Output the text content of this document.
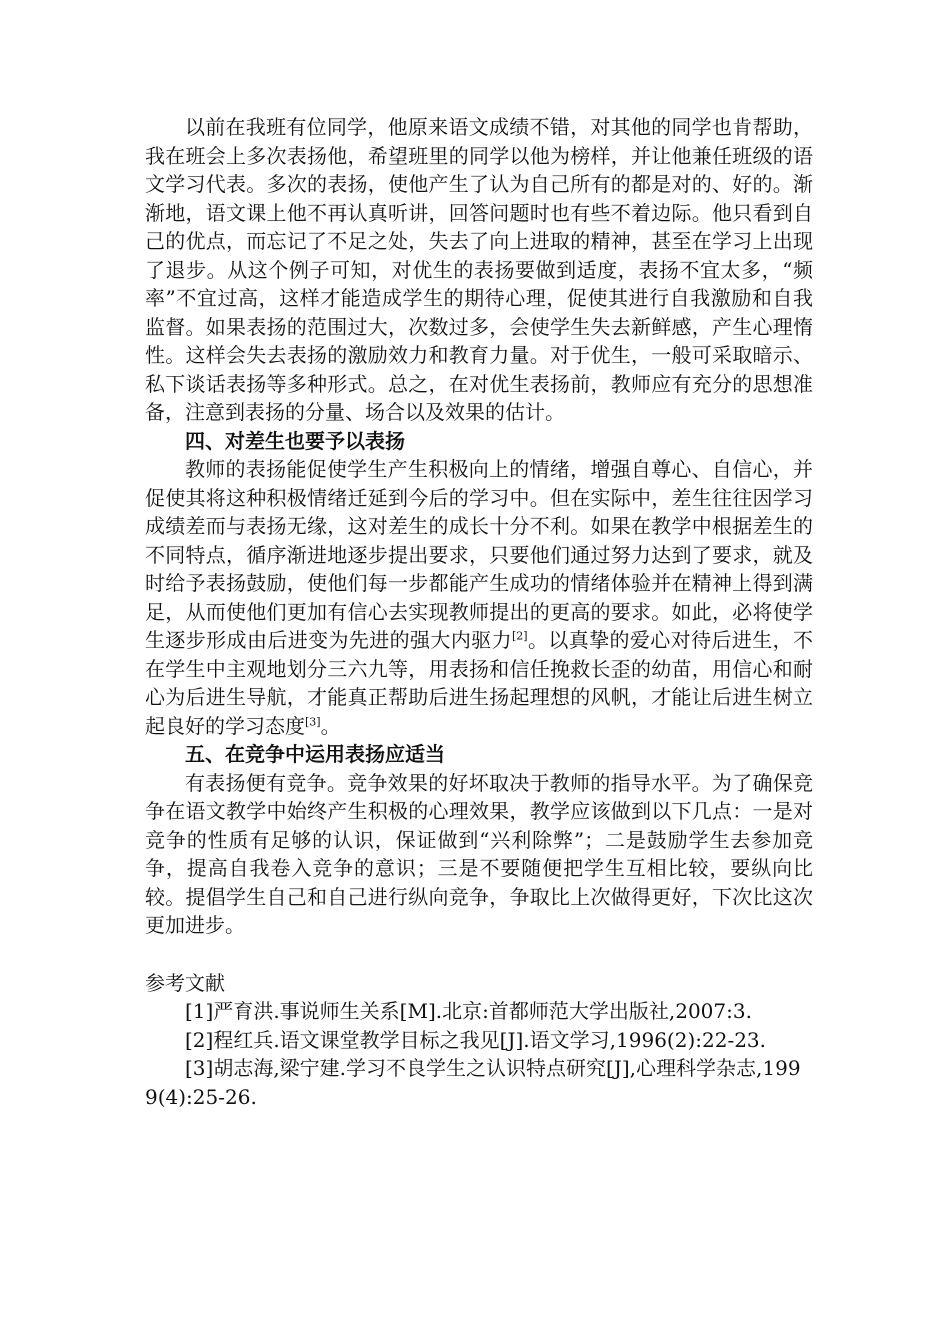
以前在我班有位同学，他原来语文成绩不错，对其他的同学也肯帮助，我在班会上多次表扬他，希望班里的同学以他为榜样，并让他兼任班级的语文学习代表。多次的表扬，使他产生了认为自己所有的都是对的、好的。渐渐地，语文课上他不再认真听讲，回答问题时也有些不着边际。他只看到自己的优点，而忘记了不足之处，失去了向上进取的精神，甚至在学习上出现了退步。从这个例子可知，对优生的表扬要做到适度，表扬不宜太多，“频率”不宜过高，这样才能造成学生的期待心理，促使其进行自我激励和自我监督。如果表扬的范围过大，次数过多，会使学生失去新鲜感，产生心理惰性。这样会失去表扬的激励效力和教育力量。对于优生，一般可采取暗示、私下谈话表扬等多种形式。总之，在对优生表扬前，教师应有充分的思想准备，注意到表扬的分量、场合以及效果的估计。

四、对差生也要予以表扬

教师的表扬能促使学生产生积极向上的情绪，增强自尊心、自信心，并促使其将这种积极情绪迁延到今后的学习中。但在实际中，差生往往因学习成绩差而与表扬无缘，这对差生的成长十分不利。如果在教学中根据差生的不同特点，循序渐进地逐步提出要求，只要他们通过努力达到了要求，就及时给予表扬鼓励，使他们每一步都能产生成功的情绪体验并在精神上得到满足，从而使他们更加有信心去实现教师提出的更高的要求。如此，必将使学生逐步形成由后进变为先进的强大内驱力[2]。以真挚的爱心对待后进生，不在学生中主观地划分三六九等，用表扬和信任挽救长歪的幼苗，用信心和耐心为后进生导航，才能真正帮助后进生扬起理想的风帆，才能让后进生树立起良好的学习态度[3]。

五、在竞争中运用表扬应适当

有表扬便有竞争。竞争效果的好坏取决于教师的指导水平。为了确保竞争在语文教学中始终产生积极的心理效果，教学应该做到以下几点：一是对竞争的性质有足够的认识，保证做到“兴利除弊”；二是鼓励学生去参加竞争，提高自我卷入竞争的意识；三是不要随便把学生互相比较，要纵向比较。提倡学生自己和自己进行纵向竞争，争取比上次做得更好，下次比这次更加进步。

参考文献

[1]严育洪.事说师生关系[M].北京:首都师范大学出版社,2007:3.

[2]程红兵.语文课堂教学目标之我见[J].语文学习,1996(2):22-23.

[3]胡志海,梁宁建.学习不良学生之认识特点研究[J],心理科学杂志,1999(4):25-26.
